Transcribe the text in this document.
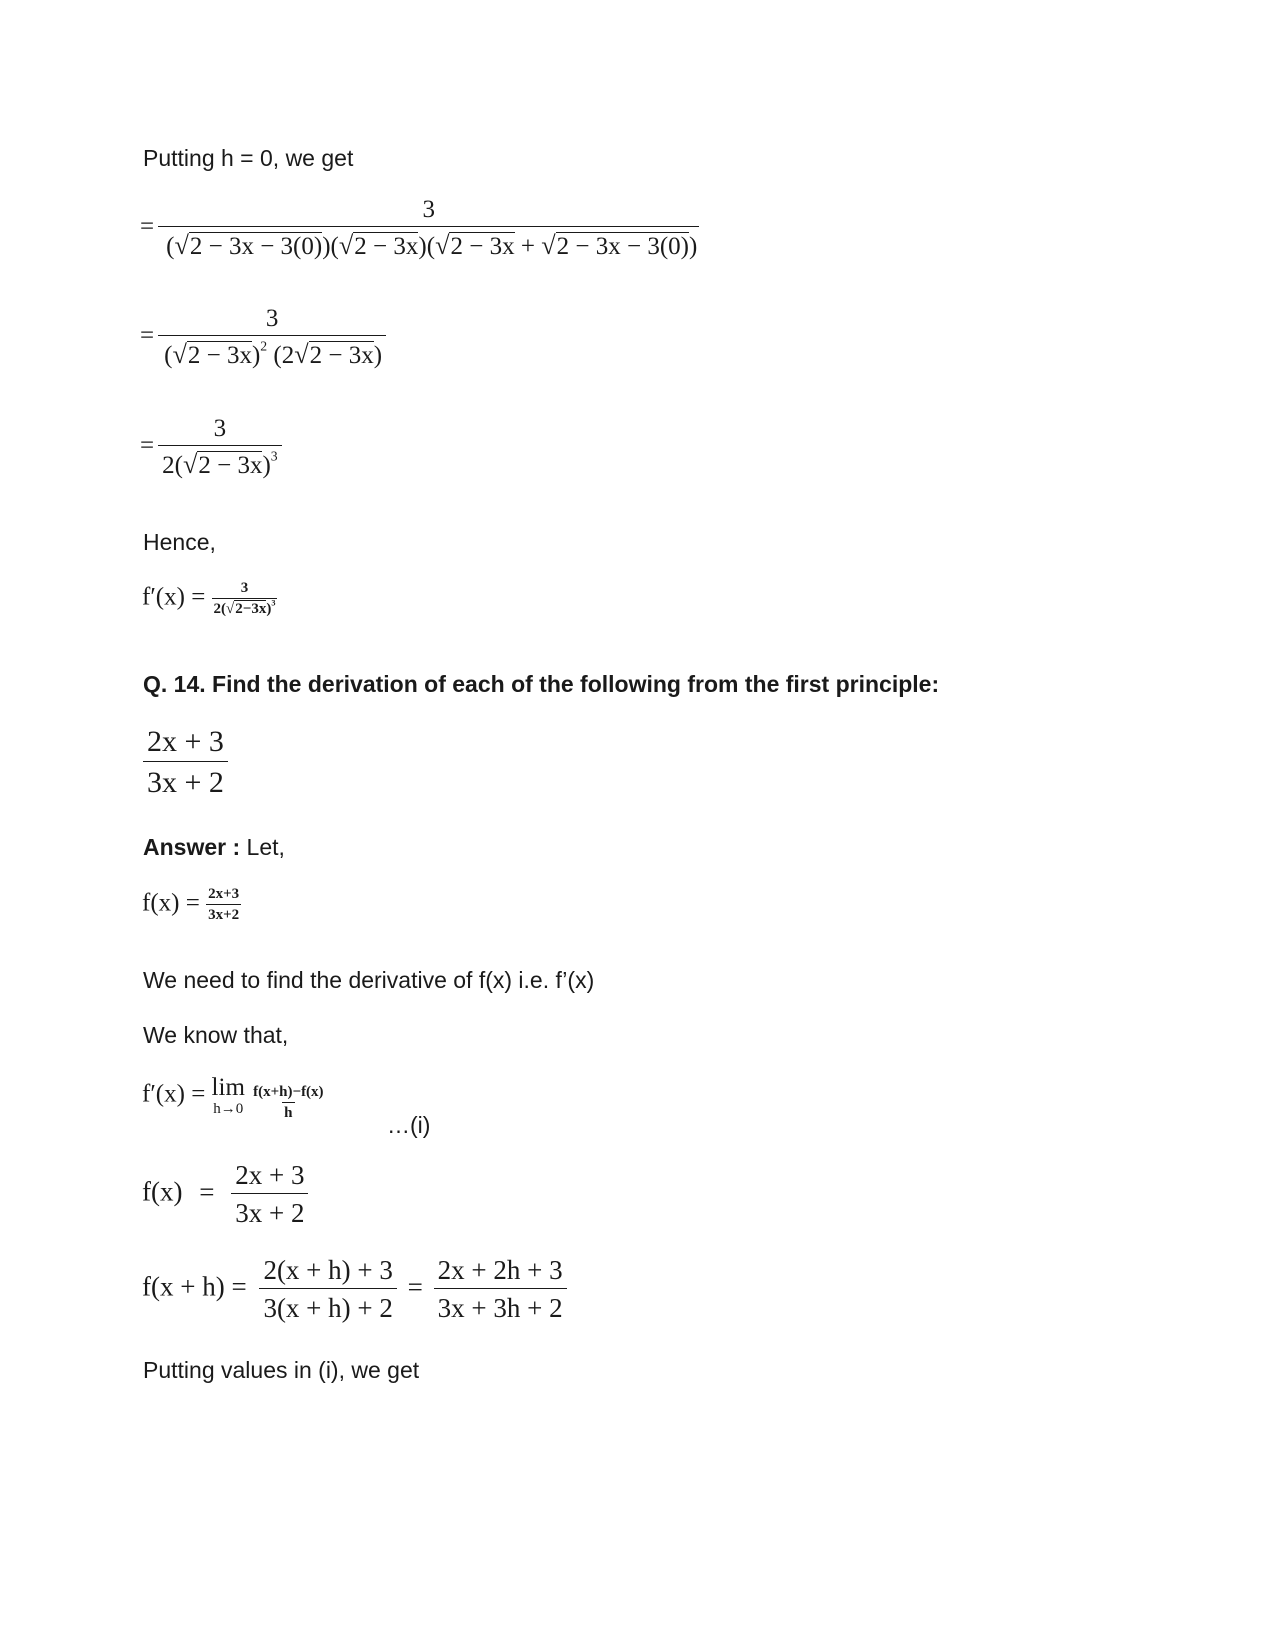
Putting h = 0, we get
= $\frac{3}{(√2 - 3x - 3(0))(√2 - 3x)(√2 - 3x + √2 - 3x - 3(0))}$
= $\frac{3}{(√2 - 3x)^2 (2√2 - 3x)}$
= $\frac{3}{2(√2 - 3x)^3}$
Hence,
$f'(x) = \frac{3}{2(√2-3x)^3}$
Q. 14. Find the derivation of each of the following from the first principle:
$\frac{2x + 3}{3x + 2}$
Answer : Let,
$f(x) = \frac{2x+3}{3x+2}$
We need to find the derivative of f(x) i.e. f’(x)
We know that,
f′(x) = lim
h→0
$\frac{f(x+h)-f(x)}{h}$
…(i)
$f(x) = \frac{2x + 3}{3x + 2}$
$f(x + h) = \frac{2(x + h) + 3}{3(x + h) + 2} = \frac{2x + 2h + 3}{3x + 3h + 2}$
Putting values in (i), we get
